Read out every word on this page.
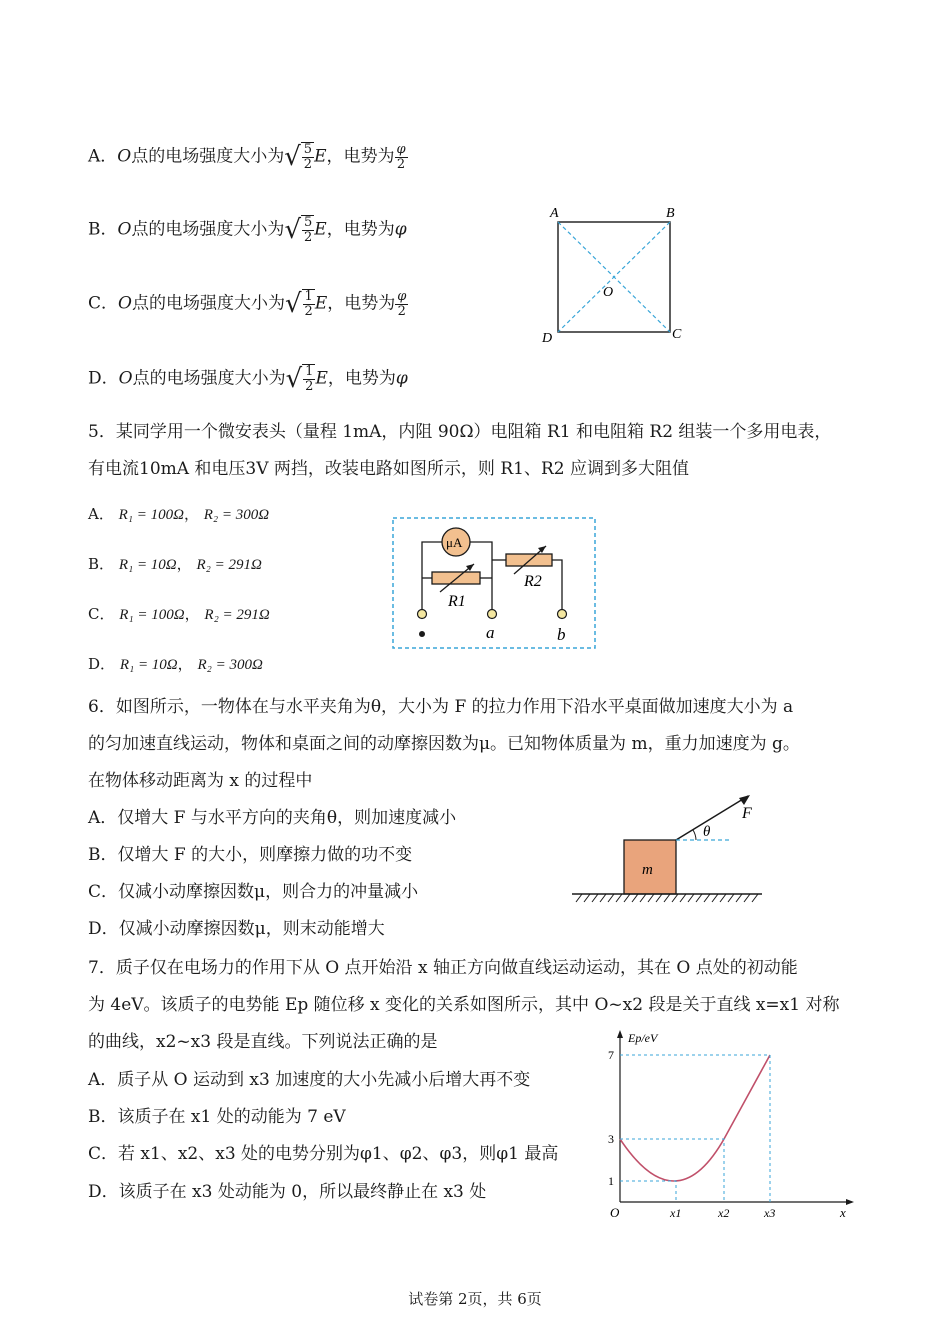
A．O点的电场强度大小为√ $\frac{5}{2}$ E，电势为 $\frac{\varphi}{2}$
B．O点的电场强度大小为√ $\frac{5}{2}$ E，电势为φ
C．O点的电场强度大小为√ $\frac{1}{2}$ E，电势为 $\frac{\varphi}{2}$
D．O点的电场强度大小为√ $\frac{1}{2}$ E，电势为φ
A	B
O
D	C
5．某同学用一个微安表头（量程 1mA，内阻 90Ω）电阻箱 R1 和电阻箱 R2 组装一个多用电表，
有电流10mA 和电压3V 两挡，改装电路如图所示，则 R1、R2 应调到多大阻值
A． R₁ = 100Ω， R₂ = 300Ω
B． R₁ = 10Ω， R₂ = 291Ω
C． R₁ = 100Ω， R₂ = 291Ω
D． R₁ = 10Ω， R₂ = 300Ω
μA
R1
R2
a	b
6．如图所示，一物体在与水平夹角为θ，大小为 F 的拉力作用下沿水平桌面做加速度大小为 a
的匀加速直线运动，物体和桌面之间的动摩擦因数为μ。已知物体质量为 m，重力加速度为 g。
在物体移动距离为 x 的过程中
A．仅增大 F 与水平方向的夹角θ，则加速度减小
B．仅增大 F 的大小，则摩擦力做的功不变
C．仅减小动摩擦因数μ，则合力的冲量减小
D．仅减小动摩擦因数μ，则末动能增大
m
θ
F
7．质子仅在电场力的作用下从 O 点开始沿 x 轴正方向做直线运动运动，其在 O 点处的初动能
为 4eV。该质子的电势能 Ep 随位移 x 变化的关系如图所示，其中 O~x2 段是关于直线 x=x1 对称
的曲线，x2~x3 段是直线。下列说法正确的是
A．质子从 O 运动到 x3 加速度的大小先减小后增大再不变
B．该质子在 x1 处的动能为 7 eV
C．若 x1、x2、x3 处的电势分别为φ1、φ2、φ3，则φ1 最高
D．该质子在 x3 处动能为 0，所以最终静止在 x3 处
Ep/eV
x
O	x1	x2	x3
1
3
7
试卷第 2页，共 6页
